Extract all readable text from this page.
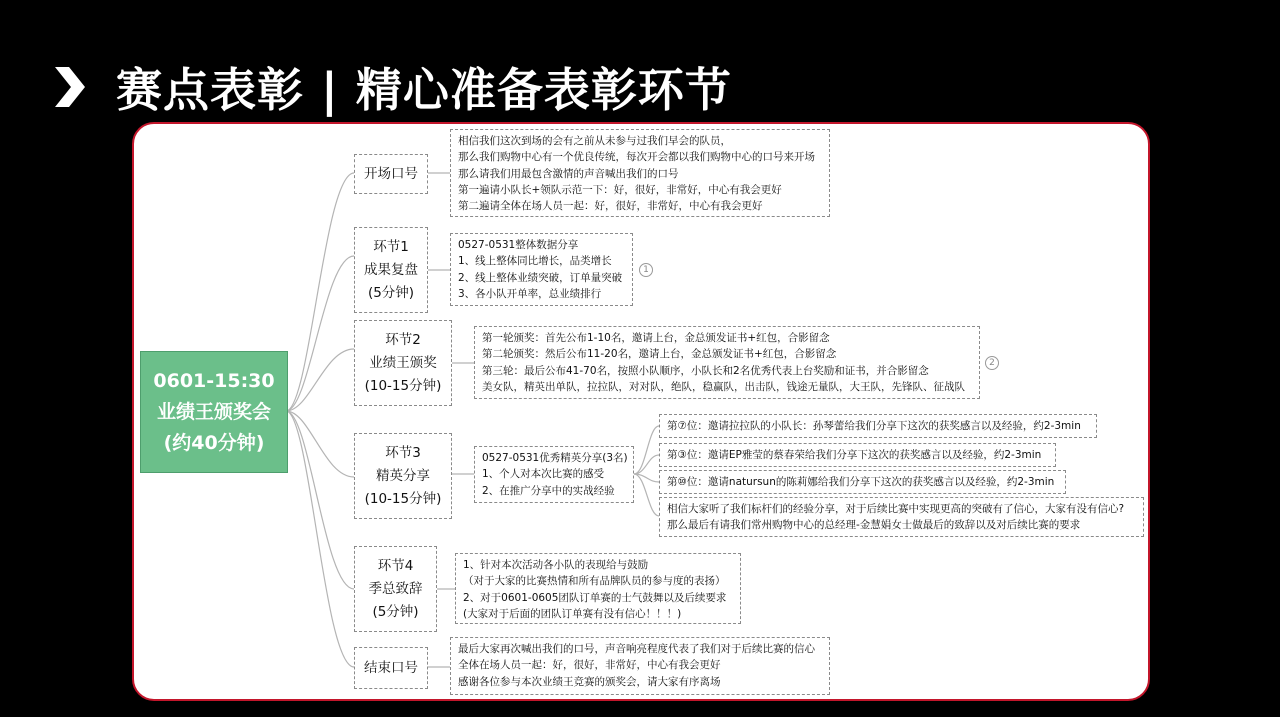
赛点表彰 | 精心准备表彰环节
0601-15:30
业绩王颁奖会
(约40分钟)
开场口号
相信我们这次到场的会有之前从未参与过我们早会的队员，
那么我们购物中心有一个优良传统，每次开会都以我们购物中心的口号来开场
那么请我们用最包含激情的声音喊出我们的口号
第一遍请小队长+领队示范一下：好，很好，非常好，中心有我会更好
第二遍请全体在场人员一起：好，很好，非常好，中心有我会更好
环节1
成果复盘
(5分钟)
0527-0531整体数据分享
1、线上整体同比增长，品类增长
2、线上整体业绩突破，订单量突破
3、各小队开单率，总业绩排行
1
环节2
业绩王颁奖
(10-15分钟)
第一轮颁奖：首先公布1-10名，邀请上台，金总颁发证书+红包，合影留念
第二轮颁奖：然后公布11-20名，邀请上台，金总颁发证书+红包，合影留念
第三轮：最后公布41-70名，按照小队顺序，小队长和2名优秀代表上台奖励和证书，并合影留念
美女队，精英出单队，拉拉队，对对队，绝队，稳赢队，出击队，钱途无量队，大王队，先锋队、征战队
2
环节3
精英分享
(10-15分钟)
0527-0531优秀精英分享(3名)
1、个人对本次比赛的感受
2、在推广分享中的实战经验
第⑦位：邀请拉拉队的小队长：孙琴蕾给我们分享下这次的获奖感言以及经验，约2-3min
第③位：邀请EP雅莹的蔡春荣给我们分享下这次的获奖感言以及经验，约2-3min
第⑩位：邀请natursun的陈莉娜给我们分享下这次的获奖感言以及经验，约2-3min
相信大家听了我们标杆们的经验分享，对于后续比赛中实现更高的突破有了信心，大家有没有信心?
那么最后有请我们常州购物中心的总经理-金慧娟女士做最后的致辞以及对后续比赛的要求
环节4
季总致辞
(5分钟)
1、针对本次活动各小队的表现给与鼓励
（对于大家的比赛热情和所有品牌队员的参与度的表扬）
2、对于0601-0605团队订单赛的士气鼓舞以及后续要求
(大家对于后面的团队订单赛有没有信心！！！)
结束口号
最后大家再次喊出我们的口号，声音响亮程度代表了我们对于后续比赛的信心
全体在场人员一起：好，很好，非常好，中心有我会更好
感谢各位参与本次业绩王竞赛的颁奖会，请大家有序离场
